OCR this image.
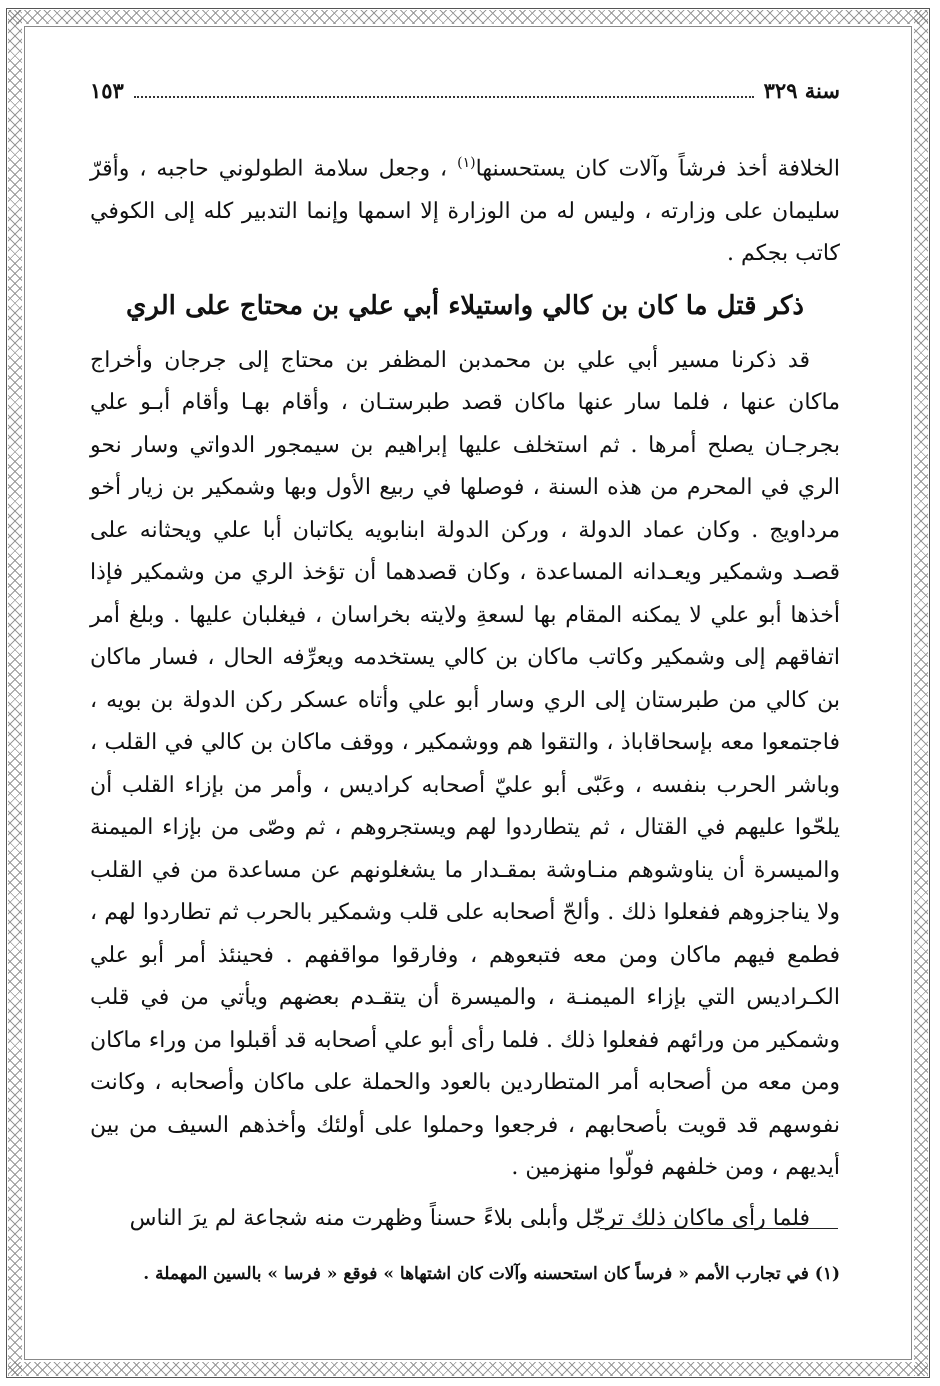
سنة ٣٢٩
١٥٣

الخلافة أخذ فرشاً وآلات كان يستحسنها$^{(١)}$ ، وجعل سلامة الطولوني حاجبه ، وأقرّ سليمان على وزارته ، وليس له من الوزارة إلا اسمها وإنما التدبير كله إلى الكوفي كاتب بجكم .

ذكر قتل ما كان بن كالي واستيلاء أبي علي بن محتاج على الري

قد ذكرنا مسير أبي علي بن محمدبن المظفر بن محتاج إلى جرجان وأخراج ماكان عنها ، فلما سار عنها ماكان قصد طبرستـان ، وأقام بهـا وأقام أبـو علي بجرجـان يصلح أمرها . ثم استخلف عليها إبراهيم بن سيمجور الدواتي وسار نحو الري في المحرم من هذه السنة ، فوصلها في ربيع الأول وبها وشمكير بن زيار أخو مرداويج . وكان عماد الدولة ، وركن الدولة ابنابويه يكاتبان أبا علي ويحثانه على قصـد وشمكير ويعـدانه المساعدة ، وكان قصدهما أن تؤخذ الري من وشمكير فإذا أخذها أبو علي لا يمكنه المقام بها لسعةِ ولايته بخراسان ، فيغلبان عليها . وبلغ أمر اتفاقهم إلى وشمكير وكاتب ماكان بن كالي يستخدمه ويعرِّفه الحال ، فسار ماكان بن كالي من طبرستان إلى الري وسار أبو علي وأتاه عسكر ركن الدولة بن بويه ، فاجتمعوا معه بإسحاقاباذ ، والتقوا هم ووشمكير ، ووقف ماكان بن كالي في القلب ، وباشر الحرب بنفسه ، وعَبّى أبو عليّ أصحابه كراديس ، وأمر من بإزاء القلب أن يلحّوا عليهم في القتال ، ثم يتطاردوا لهم ويستجروهم ، ثم وصّى من بإزاء الميمنة والميسرة أن يناوشوهم منـاوشة بمقـدار ما يشغلونهم عن مساعدة من في القلب ولا يناجزوهم ففعلوا ذلك . وألحّ أصحابه على قلب وشمكير بالحرب ثم تطاردوا لهم ، فطمع فيهم ماكان ومن معه فتبعوهم ، وفارقوا مواقفهم . فحينئذ أمر أبو علي الكـراديس التي بإزاء الميمنـة ، والميسرة أن يتقـدم بعضهم ويأتي من في قلب وشمكير من ورائهم ففعلوا ذلك . فلما رأى أبو علي أصحابه قد أقبلوا من وراء ماكان ومن معه من أصحابه أمر المتطاردين بالعود والحملة على ماكان وأصحابه ، وكانت نفوسهم قد قويت بأصحابهم ، فرجعوا وحملوا على أولئك وأخذهم السيف من بين أيديهم ، ومن خلفهم فولّوا منهزمين .

فلما رأى ماكان ذلك ترجّل وأبلى بلاءً حسناً وظهرت منه شجاعة لم يرَ الناس

(١) في تجارب الأمم « فرساً كان استحسنه وآلات كان اشتهاها » فوقع « فرسا » بالسين المهملة .
